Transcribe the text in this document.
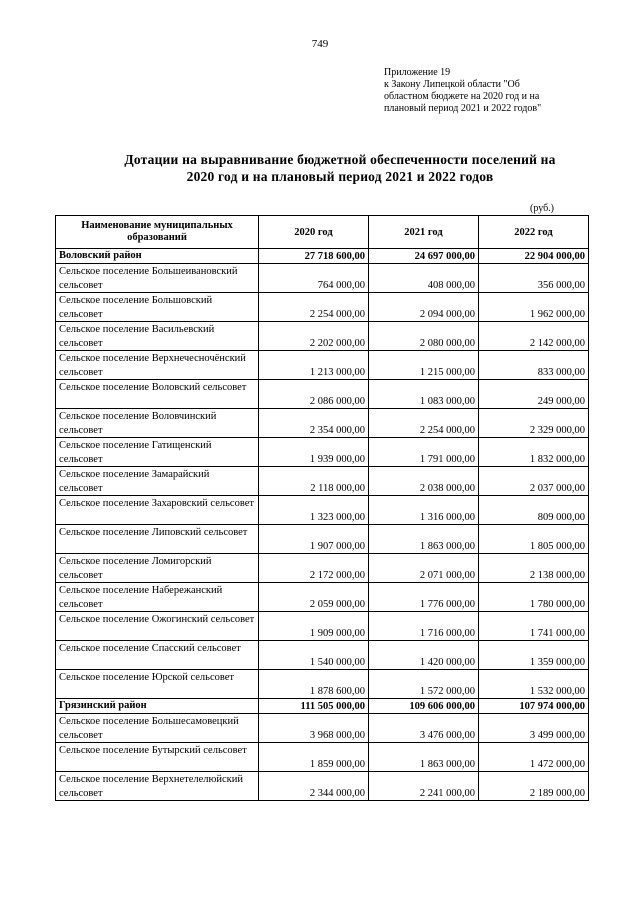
749
Приложение 19
к Закону Липецкой области "Об
областном бюджете на 2020 год и на
плановый период 2021 и 2022 годов"
Дотации на выравнивание бюджетной обеспеченности поселений на
2020 год и на плановый период 2021 и 2022 годов
(руб.)
Наименование муниципальных образований	2020 год	2021 год	2022 год
Воловский район	27 718 600,00	24 697 000,00	22 904 000,00
Сельское поселение Большеивановский сельсовет	764 000,00	408 000,00	356 000,00
Сельское поселение Большовский сельсовет	2 254 000,00	2 094 000,00	1 962 000,00
Сельское поселение Васильевский сельсовет	2 202 000,00	2 080 000,00	2 142 000,00
Сельское поселение Верхнечесночёнский сельсовет	1 213 000,00	1 215 000,00	833 000,00
Сельское поселение Воловский сельсовет	2 086 000,00	1 083 000,00	249 000,00
Сельское поселение Воловчинский сельсовет	2 354 000,00	2 254 000,00	2 329 000,00
Сельское поселение Гатищенский сельсовет	1 939 000,00	1 791 000,00	1 832 000,00
Сельское поселение Замарайский сельсовет	2 118 000,00	2 038 000,00	2 037 000,00
Сельское поселение Захаровский сельсовет	1 323 000,00	1 316 000,00	809 000,00
Сельское поселение Липовский сельсовет	1 907 000,00	1 863 000,00	1 805 000,00
Сельское поселение Ломигорский сельсовет	2 172 000,00	2 071 000,00	2 138 000,00
Сельское поселение Набережанский сельсовет	2 059 000,00	1 776 000,00	1 780 000,00
Сельское поселение Ожогинский сельсовет	1 909 000,00	1 716 000,00	1 741 000,00
Сельское поселение Спасский сельсовет	1 540 000,00	1 420 000,00	1 359 000,00
Сельское поселение Юрской сельсовет	1 878 600,00	1 572 000,00	1 532 000,00
Грязинский район	111 505 000,00	109 606 000,00	107 974 000,00
Сельское поселение Большесамовецкий сельсовет	3 968 000,00	3 476 000,00	3 499 000,00
Сельское поселение Бутырский сельсовет	1 859 000,00	1 863 000,00	1 472 000,00
Сельское поселение Верхнетелелюйский сельсовет	2 344 000,00	2 241 000,00	2 189 000,00
